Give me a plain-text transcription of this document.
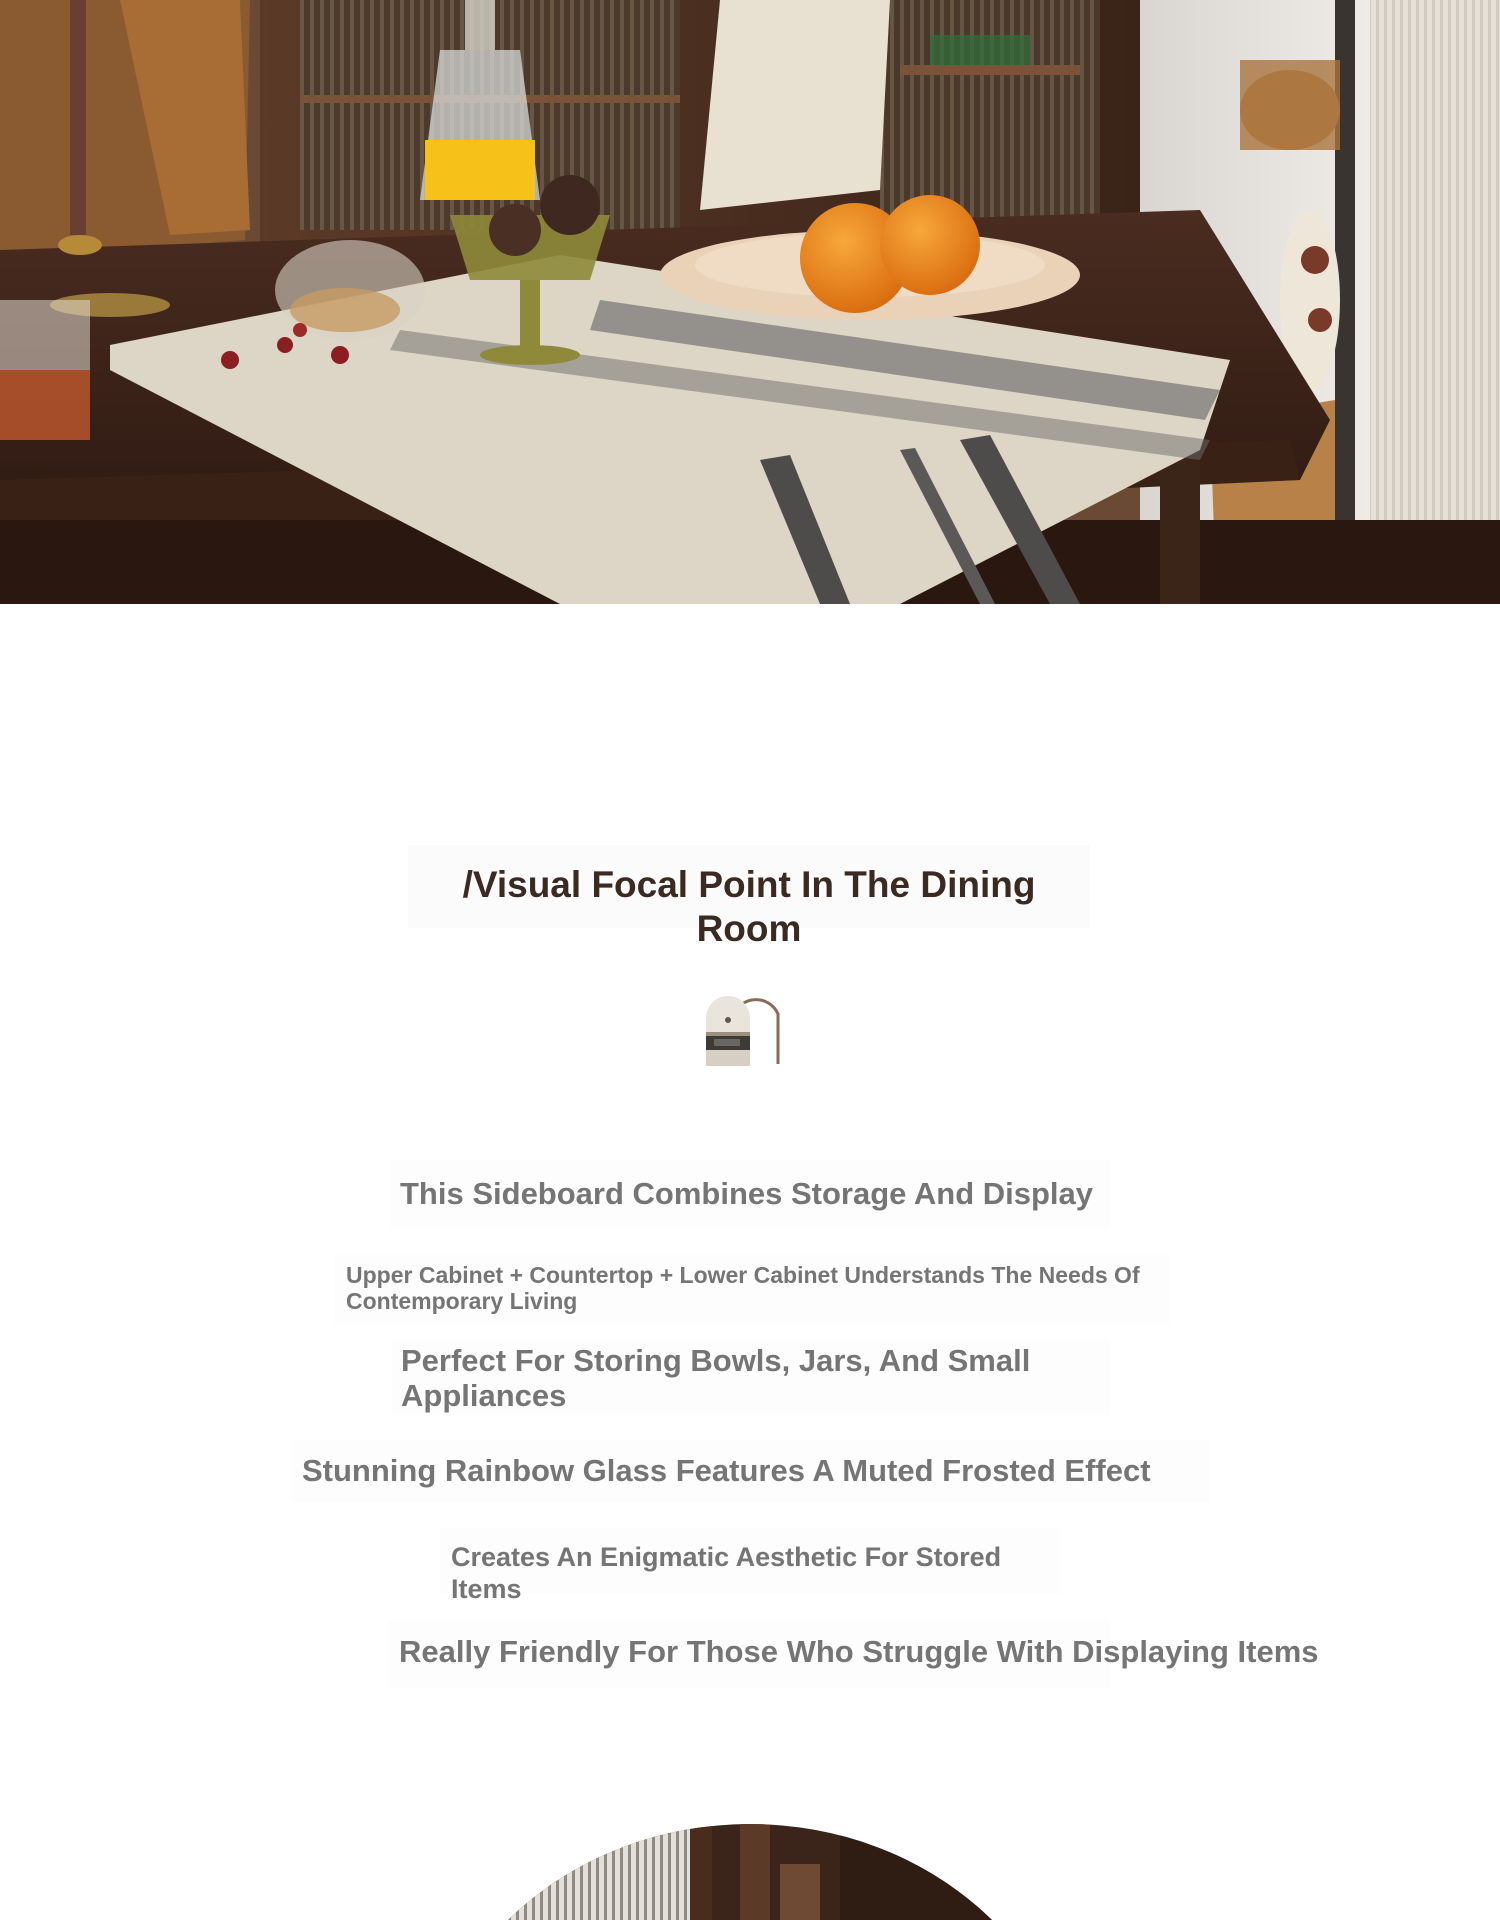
/Visual Focal Point In The Dining Room
This Sideboard Combines Storage And Display
Upper Cabinet + Countertop + Lower Cabinet Understands The Needs Of Contemporary Living
Perfect For Storing Bowls, Jars, And Small Appliances
Stunning Rainbow Glass Features A Muted Frosted Effect
Creates An Enigmatic Aesthetic For Stored Items
Really Friendly For Those Who Struggle With Displaying Items
